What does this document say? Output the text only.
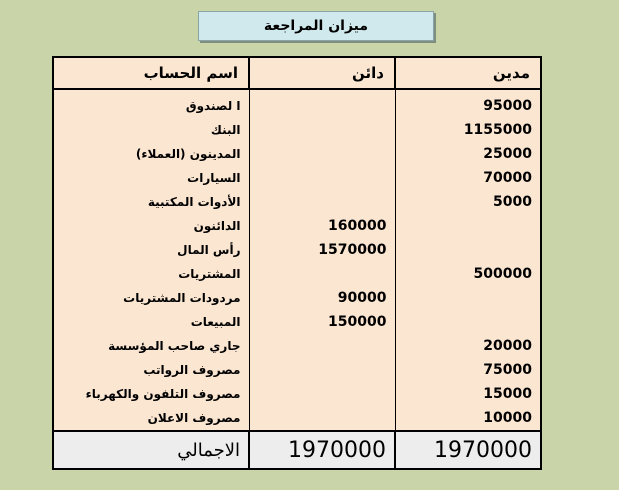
ميزان المراجعة
مدين	دائن	اسم الحساب
95000		ا لصندوق
1155000		البنك
25000		المدينون (العملاء)
70000		السيارات
5000		الأدوات المكتبية
	160000	الدائنون
	1570000	رأس المال
500000		المشتريات
	90000	مردودات المشتريات
	150000	المبيعات
20000		جاري صاحب المؤسسة
75000		مصروف الرواتب
15000		مصروف التلفون والكهرباء
10000		مصروف الاعلان
1970000	1970000	الاجمالي
